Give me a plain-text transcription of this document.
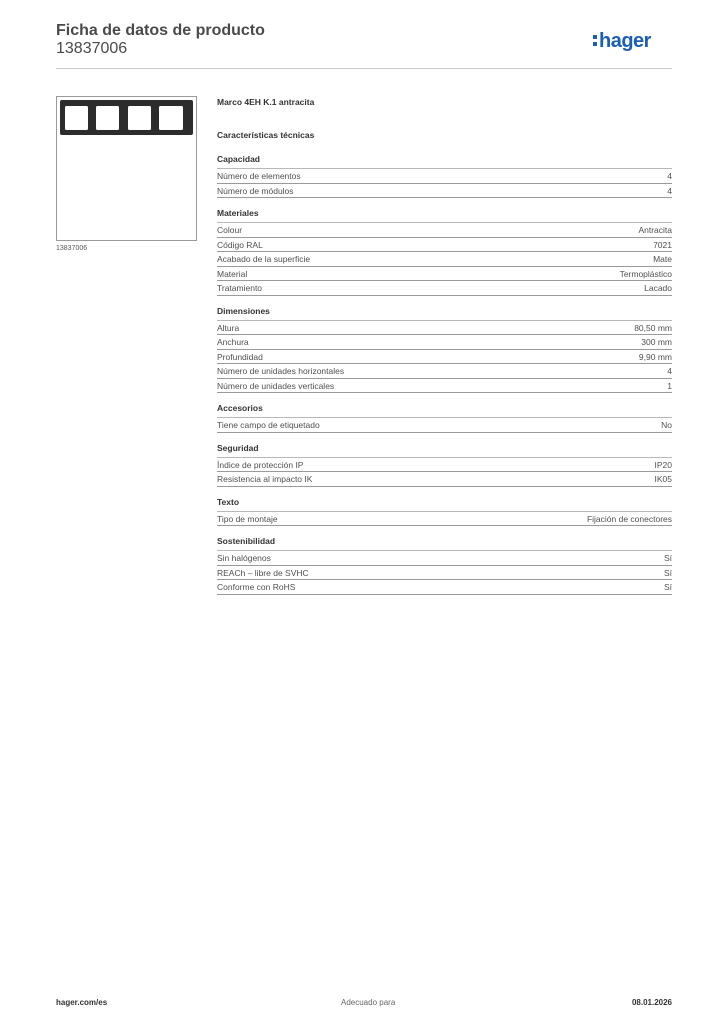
Ficha de datos de producto
13837006	hager
13837006
Marco 4EH K.1 antracita
Características técnicas
Capacidad
Número de elementos	4
Número de módulos	4
Materiales
Colour	Antracita
Código RAL	7021
Acabado de la superficie	Mate
Material	Termoplástico
Tratamiento	Lacado
Dimensiones
Altura	80,50 mm
Anchura	300 mm
Profundidad	9,90 mm
Número de unidades horizontales	4
Número de unidades verticales	1
Accesorios
Tiene campo de etiquetado	No
Seguridad
Índice de protección IP	IP20
Resistencia al impacto IK	IK05
Texto
Tipo de montaje	Fijación de conectores
Sostenibilidad
Sin halógenos	Sí
REACh – libre de SVHC	Sí
Conforme con RoHS	Sí
hager.com/es	Adecuado para	08.01.2026
